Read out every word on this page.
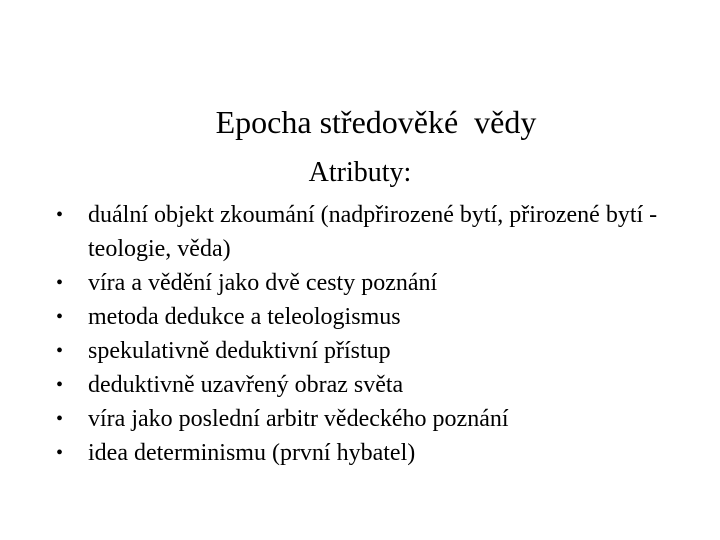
Epocha středověké  vědy

Atributy:
•	duální objekt zkoumání (nadpřirozené bytí, přirozené bytí - teologie, věda)
•	víra a vědění jako dvě cesty poznání
•	metoda dedukce a teleologismus
•	spekulativně deduktivní přístup
•	deduktivně uzavřený obraz světa
•	víra jako poslední arbitr vědeckého poznání
•	idea determinismu (první hybatel)
